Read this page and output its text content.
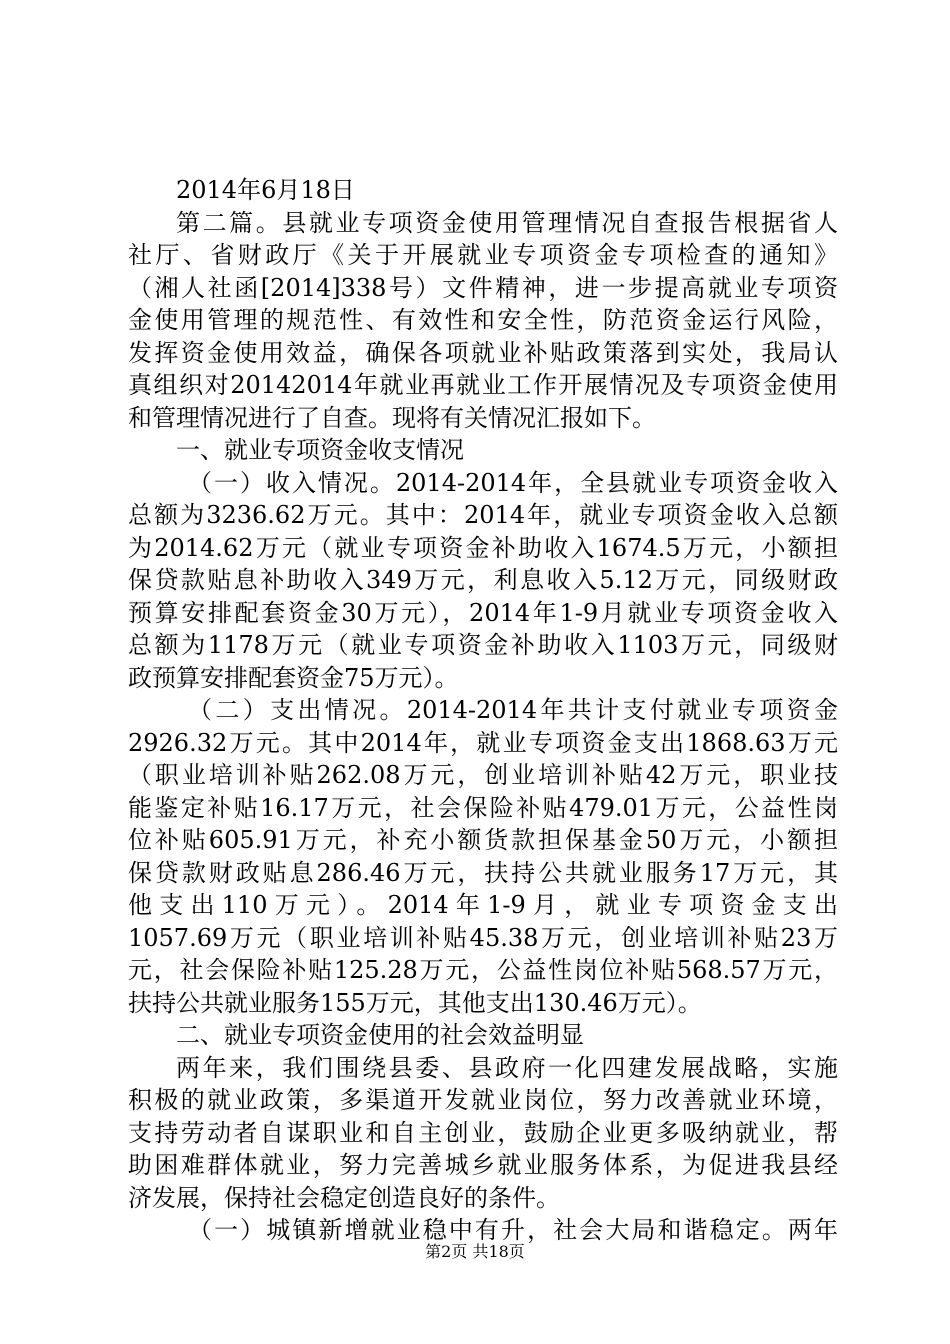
2014年6月18日
第二篇。县就业专项资金使用管理情况自查报告根据省人
社厅、省财政厅《关于开展就业专项资金专项检查的通知》
（湘人社函[2014]338号）文件精神，进一步提高就业专项资
金使用管理的规范性、有效性和安全性，防范资金运行风险，
发挥资金使用效益，确保各项就业补贴政策落到实处，我局认
真组织对20142014年就业再就业工作开展情况及专项资金使用
和管理情况进行了自查。现将有关情况汇报如下。
一、就业专项资金收支情况
（一）收入情况。2014-2014年，全县就业专项资金收入
总额为3236.62万元。其中：2014年，就业专项资金收入总额
为2014.62万元（就业专项资金补助收入1674.5万元，小额担
保贷款贴息补助收入349万元，利息收入5.12万元，同级财政
预算安排配套资金30万元），2014年1-9月就业专项资金收入
总额为1178万元（就业专项资金补助收入1103万元，同级财
政预算安排配套资金75万元）。
（二）支出情况。2014-2014年共计支付就业专项资金
2926.32万元。其中2014年，就业专项资金支出1868.63万元
（职业培训补贴262.08万元，创业培训补贴42万元，职业技
能鉴定补贴16.17万元，社会保险补贴479.01万元，公益性岗
位补贴605.91万元，补充小额货款担保基金50万元，小额担
保贷款财政贴息286.46万元，扶持公共就业服务17万元，其
他支出110万元）。2014年1-9月，就业专项资金支出
1057.69万元（职业培训补贴45.38万元，创业培训补贴23万
元，社会保险补贴125.28万元，公益性岗位补贴568.57万元，
扶持公共就业服务155万元，其他支出130.46万元）。
二、就业专项资金使用的社会效益明显
两年来，我们围绕县委、县政府一化四建发展战略，实施
积极的就业政策，多渠道开发就业岗位，努力改善就业环境，
支持劳动者自谋职业和自主创业，鼓励企业更多吸纳就业，帮
助困难群体就业，努力完善城乡就业服务体系，为促进我县经
济发展，保持社会稳定创造良好的条件。
（一）城镇新增就业稳中有升，社会大局和谐稳定。两年
第2页 共18页
